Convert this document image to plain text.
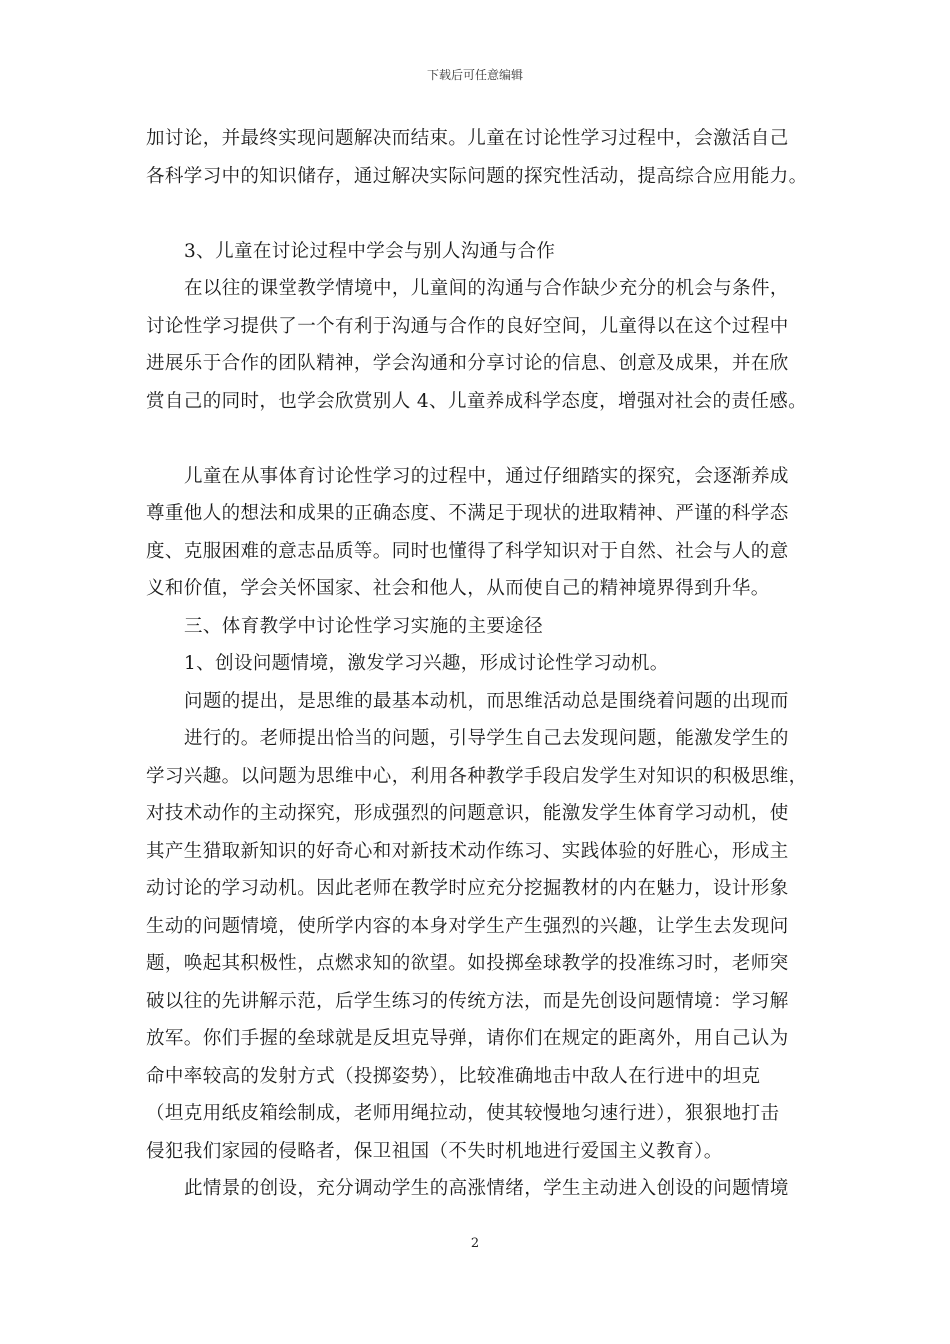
下载后可任意编辑
加讨论，并最终实现问题解决而结束。儿童在讨论性学习过程中，会激活自己
各科学习中的知识储存，通过解决实际问题的探究性活动，提高综合应用能力。
3、儿童在讨论过程中学会与别人沟通与合作
在以往的课堂教学情境中，儿童间的沟通与合作缺少充分的机会与条件，
讨论性学习提供了一个有利于沟通与合作的良好空间，儿童得以在这个过程中
进展乐于合作的团队精神，学会沟通和分享讨论的信息、创意及成果，并在欣
赏自己的同时，也学会欣赏别人 4、儿童养成科学态度，增强对社会的责任感。
儿童在从事体育讨论性学习的过程中，通过仔细踏实的探究，会逐渐养成
尊重他人的想法和成果的正确态度、不满足于现状的进取精神、严谨的科学态
度、克服困难的意志品质等。同时也懂得了科学知识对于自然、社会与人的意
义和价值，学会关怀国家、社会和他人，从而使自己的精神境界得到升华。
三、体育教学中讨论性学习实施的主要途径
1、创设问题情境，激发学习兴趣，形成讨论性学习动机。
问题的提出，是思维的最基本动机，而思维活动总是围绕着问题的出现而
进行的。老师提出恰当的问题，引导学生自己去发现问题，能激发学生的
学习兴趣。以问题为思维中心，利用各种教学手段启发学生对知识的积极思维，
对技术动作的主动探究，形成强烈的问题意识，能激发学生体育学习动机，使
其产生猎取新知识的好奇心和对新技术动作练习、实践体验的好胜心，形成主
动讨论的学习动机。因此老师在教学时应充分挖掘教材的内在魅力，设计形象
生动的问题情境，使所学内容的本身对学生产生强烈的兴趣，让学生去发现问
题，唤起其积极性，点燃求知的欲望。如投掷垒球教学的投准练习时，老师突
破以往的先讲解示范，后学生练习的传统方法，而是先创设问题情境：学习解
放军。你们手握的垒球就是反坦克导弹，请你们在规定的距离外，用自己认为
命中率较高的发射方式（投掷姿势），比较准确地击中敌人在行进中的坦克
（坦克用纸皮箱绘制成，老师用绳拉动，使其较慢地匀速行进），狠狠地打击
侵犯我们家园的侵略者，保卫祖国（不失时机地进行爱国主义教育）。
此情景的创设，充分调动学生的高涨情绪，学生主动进入创设的问题情境
2
